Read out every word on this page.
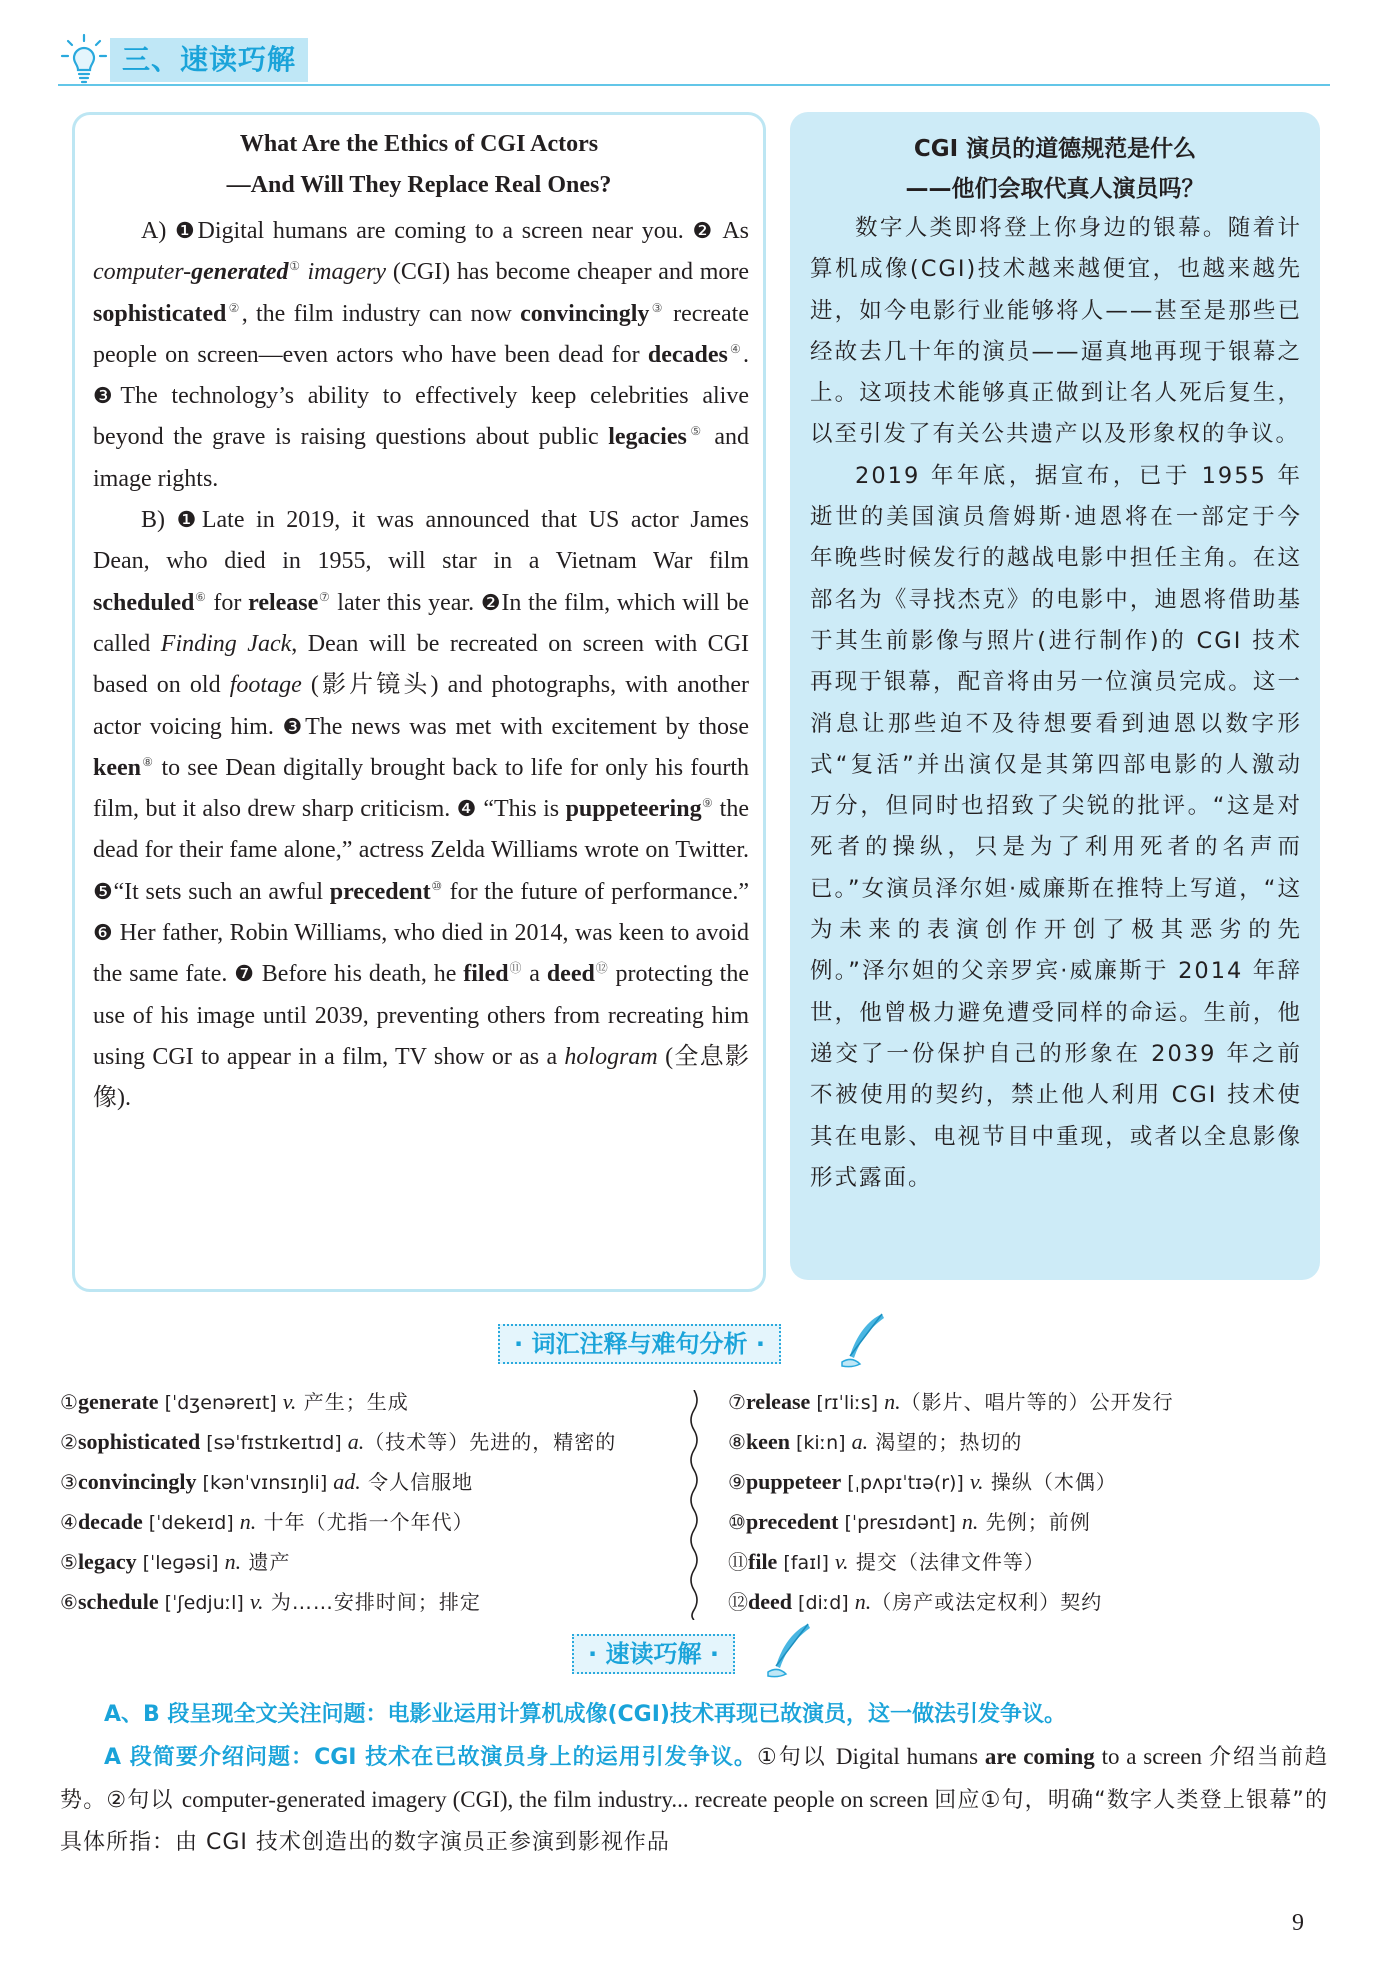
三、速读巧解
What Are the Ethics of CGI Actors
—And Will They Replace Real Ones?

A) ❶Digital humans are coming to a screen near you. ❷ As computer-generated① imagery (CGI) has become cheaper and more sophisticated②, the film industry can now convincingly③ recreate people on screen—even actors who have been dead for decades④. ❸The technology’s ability to effectively keep celebrities alive beyond the grave is raising questions about public legacies⑤ and image rights.

B) ❶Late in 2019, it was announced that US actor James Dean, who died in 1955, will star in a Vietnam War film scheduled⑥ for release⑦ later this year. ❷In the film, which will be called Finding Jack, Dean will be recreated on screen with CGI based on old footage (影片镜头) and photographs, with another actor voicing him. ❸The news was met with excitement by those keen⑧ to see Dean digitally brought back to life for only his fourth film, but it also drew sharp criticism. ❹ “This is puppeteering⑨ the dead for their fame alone,” actress Zelda Williams wrote on Twitter. ❺“It sets such an awful precedent⑩ for the future of performance.” ❻ Her father, Robin Williams, who died in 2014, was keen to avoid the same fate. ❼ Before his death, he filed⑪ a deed⑫ protecting the use of his image until 2039, preventing others from recreating him using CGI to appear in a film, TV show or as a hologram (全息影像).

CGI 演员的道德规范是什么
——他们会取代真人演员吗？

数字人类即将登上你身边的银幕。随着计算机成像(CGI)技术越来越便宜，也越来越先进，如今电影行业能够将人——甚至是那些已经故去几十年的演员——逼真地再现于银幕之上。这项技术能够真正做到让名人死后复生，以至引发了有关公共遗产以及形象权的争议。

2019 年年底，据宣布，已于 1955 年逝世的美国演员詹姆斯·迪恩将在一部定于今年晚些时候发行的越战电影中担任主角。在这部名为《寻找杰克》的电影中，迪恩将借助基于其生前影像与照片(进行制作)的 CGI 技术再现于银幕，配音将由另一位演员完成。这一消息让那些迫不及待想要看到迪恩以数字形式“复活”并出演仅是其第四部电影的人激动万分，但同时也招致了尖锐的批评。“这是对死者的操纵，只是为了利用死者的名声而已。”女演员泽尔妲·威廉斯在推特上写道，“这为未来的表演创作开创了极其恶劣的先例。”泽尔妲的父亲罗宾·威廉斯于 2014 年辞世，他曾极力避免遭受同样的命运。生前，他递交了一份保护自己的形象在 2039 年之前不被使用的契约，禁止他人利用 CGI 技术使其在电影、电视节目中重现，或者以全息影像形式露面。

· 词汇注释与难句分析 ·
①generate [ˈdʒenəreɪt] v. 产生；生成
②sophisticated [səˈfɪstɪkeɪtɪd] a.（技术等）先进的，精密的
③convincingly [kənˈvɪnsɪŋli] ad. 令人信服地
④decade [ˈdekeɪd] n. 十年（尤指一个年代）
⑤legacy [ˈleɡəsi] n. 遗产
⑥schedule [ˈʃedjuːl] v. 为……安排时间；排定
⑦release [rɪˈliːs] n.（影片、唱片等的）公开发行
⑧keen [kiːn] a. 渴望的；热切的
⑨puppeteer [ˌpʌpɪˈtɪə(r)] v. 操纵（木偶）
⑩precedent [ˈpresɪdənt] n. 先例；前例
⑪file [faɪl] v. 提交（法律文件等）
⑫deed [diːd] n.（房产或法定权利）契约
· 速读巧解 ·

A、B 段呈现全文关注问题：电影业运用计算机成像(CGI)技术再现已故演员，这一做法引发争议。

A 段简要介绍问题：CGI 技术在已故演员身上的运用引发争议。①句以 Digital humans are coming to a screen 介绍当前趋势。②句以 computer-generated imagery (CGI), the film industry... recreate people on screen 回应①句，明确“数字人类登上银幕”的具体所指：由 CGI 技术创造出的数字演员正参演到影视作品

9
